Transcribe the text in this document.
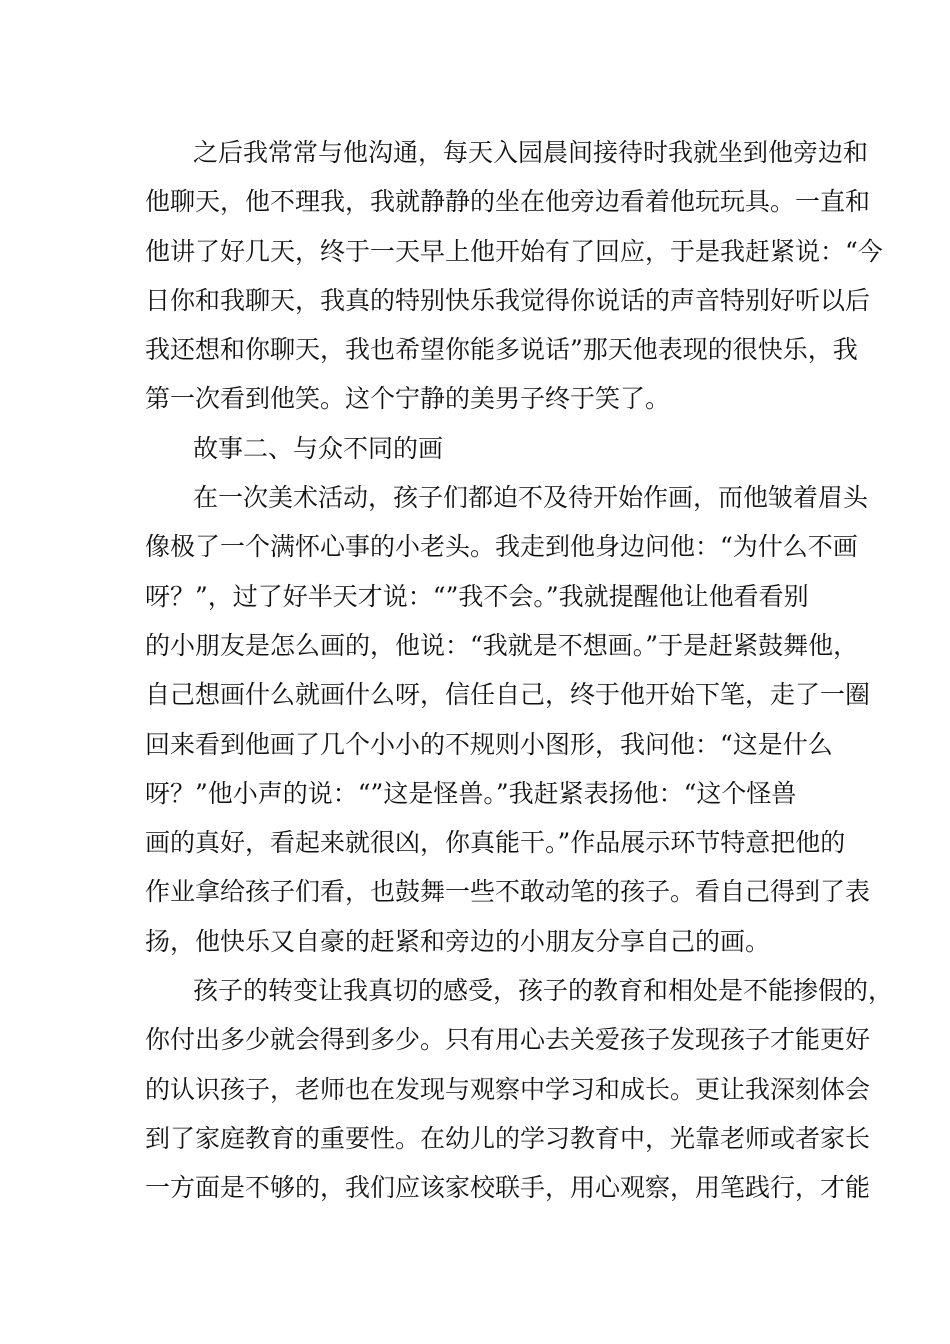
之后我常常与他沟通，每天入园晨间接待时我就坐到他旁边和
他聊天，他不理我，我就静静的坐在他旁边看着他玩玩具。一直和
他讲了好几天，终于一天早上他开始有了回应，于是我赶紧说：“今
日你和我聊天，我真的特别快乐我觉得你说话的声音特别好听以后
我还想和你聊天，我也希望你能多说话”那天他表现的很快乐，我
第一次看到他笑。这个宁静的美男子终于笑了。
故事二、与众不同的画
在一次美术活动，孩子们都迫不及待开始作画，而他皱着眉头
像极了一个满怀心事的小老头。我走到他身边问他：“为什么不画
呀？”，过了好半天才说：“”我不会。”我就提醒他让他看看别
的小朋友是怎么画的，他说：“我就是不想画。”于是赶紧鼓舞他，
自己想画什么就画什么呀，信任自己，终于他开始下笔，走了一圈
回来看到他画了几个小小的不规则小图形，我问他：“这是什么
呀？”他小声的说：“”这是怪兽。”我赶紧表扬他：“这个怪兽
画的真好，看起来就很凶，你真能干。”作品展示环节特意把他的
作业拿给孩子们看，也鼓舞一些不敢动笔的孩子。看自己得到了表
扬，他快乐又自豪的赶紧和旁边的小朋友分享自己的画。
孩子的转变让我真切的感受，孩子的教育和相处是不能掺假的，
你付出多少就会得到多少。只有用心去关爱孩子发现孩子才能更好
的认识孩子，老师也在发现与观察中学习和成长。更让我深刻体会
到了家庭教育的重要性。在幼儿的学习教育中，光靠老师或者家长
一方面是不够的，我们应该家校联手，用心观察，用笔践行，才能
